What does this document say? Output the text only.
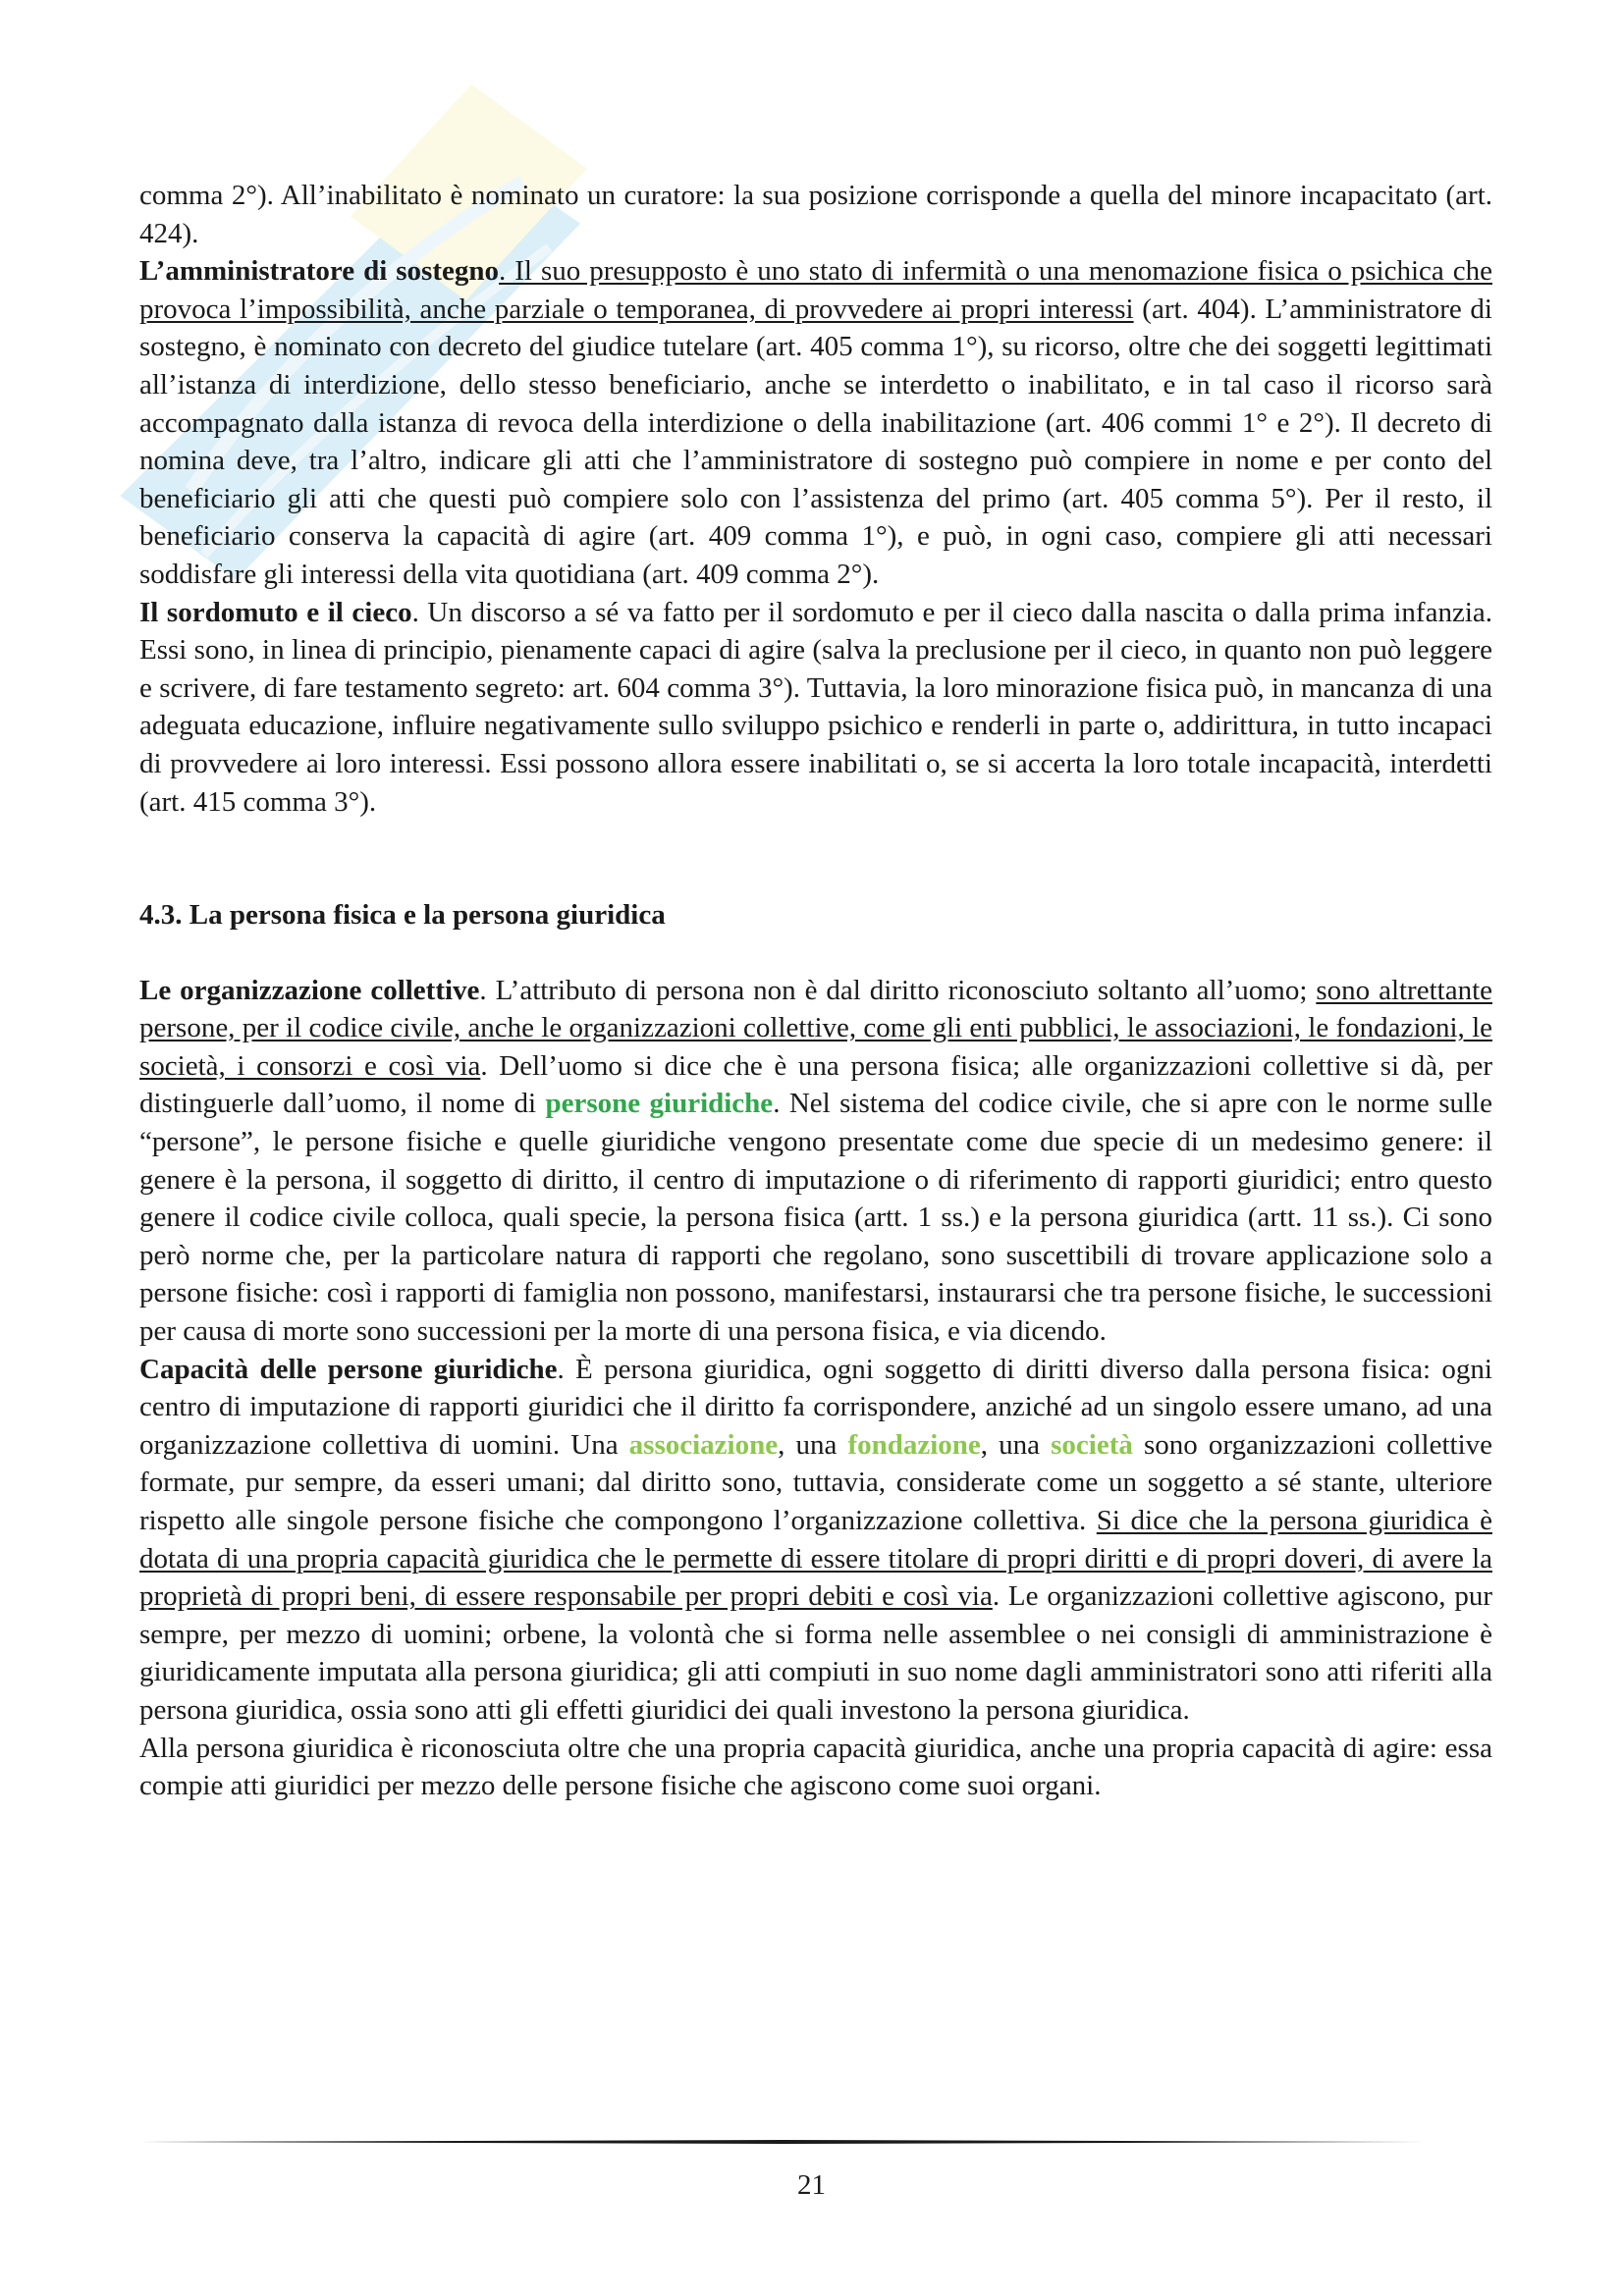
comma 2°). All’inabilitato è nominato un curatore: la sua posizione corrisponde a quella del minore incapacitato (art. 424).

L’amministratore di sostegno. Il suo presupposto è uno stato di infermità o una menomazione fisica o psichica che provoca l’impossibilità, anche parziale o temporanea, di provvedere ai propri interessi (art. 404). L’amministratore di sostegno, è nominato con decreto del giudice tutelare (art. 405 comma 1°), su ricorso, oltre che dei soggetti legittimati all’istanza di interdizione, dello stesso beneficiario, anche se interdetto o inabilitato, e in tal caso il ricorso sarà accompagnato dalla istanza di revoca della interdizione o della inabilitazione (art. 406 commi 1° e 2°). Il decreto di nomina deve, tra l’altro, indicare gli atti che l’amministratore di sostegno può compiere in nome e per conto del beneficiario gli atti che questi può compiere solo con l’assistenza del primo (art. 405 comma 5°). Per il resto, il beneficiario conserva la capacità di agire (art. 409 comma 1°), e può, in ogni caso, compiere gli atti necessari soddisfare gli interessi della vita quotidiana (art. 409 comma 2°).

Il sordomuto e il cieco. Un discorso a sé va fatto per il sordomuto e per il cieco dalla nascita o dalla prima infanzia. Essi sono, in linea di principio, pienamente capaci di agire (salva la preclusione per il cieco, in quanto non può leggere e scrivere, di fare testamento segreto: art. 604 comma 3°). Tuttavia, la loro minorazione fisica può, in mancanza di una adeguata educazione, influire negativamente sullo sviluppo psichico e renderli in parte o, addirittura, in tutto incapaci di provvedere ai loro interessi. Essi possono allora essere inabilitati o, se si accerta la loro totale incapacità, interdetti (art. 415 comma 3°).

4.3. La persona fisica e la persona giuridica

Le organizzazione collettive. L’attributo di persona non è dal diritto riconosciuto soltanto all’uomo; sono altrettante persone, per il codice civile, anche le organizzazioni collettive, come gli enti pubblici, le associazioni, le fondazioni, le società, i consorzi e così via. Dell’uomo si dice che è una persona fisica; alle organizzazioni collettive si dà, per distinguerle dall’uomo, il nome di persone giuridiche. Nel sistema del codice civile, che si apre con le norme sulle “persone”, le persone fisiche e quelle giuridiche vengono presentate come due specie di un medesimo genere: il genere è la persona, il soggetto di diritto, il centro di imputazione o di riferimento di rapporti giuridici; entro questo genere il codice civile colloca, quali specie, la persona fisica (artt. 1 ss.) e la persona giuridica (artt. 11 ss.). Ci sono però norme che, per la particolare natura di rapporti che regolano, sono suscettibili di trovare applicazione solo a persone fisiche: così i rapporti di famiglia non possono, manifestarsi, instaurarsi che tra persone fisiche, le successioni per causa di morte sono successioni per la morte di una persona fisica, e via dicendo.

Capacità delle persone giuridiche. È persona giuridica, ogni soggetto di diritti diverso dalla persona fisica: ogni centro di imputazione di rapporti giuridici che il diritto fa corrispondere, anziché ad un singolo essere umano, ad una organizzazione collettiva di uomini. Una associazione, una fondazione, una società sono organizzazioni collettive formate, pur sempre, da esseri umani; dal diritto sono, tuttavia, considerate come un soggetto a sé stante, ulteriore rispetto alle singole persone fisiche che compongono l’organizzazione collettiva. Si dice che la persona giuridica è dotata di una propria capacità giuridica che le permette di essere titolare di propri diritti e di propri doveri, di avere la proprietà di propri beni, di essere responsabile per propri debiti e così via. Le organizzazioni collettive agiscono, pur sempre, per mezzo di uomini; orbene, la volontà che si forma nelle assemblee o nei consigli di amministrazione è giuridicamente imputata alla persona giuridica; gli atti compiuti in suo nome dagli amministratori sono atti riferiti alla persona giuridica, ossia sono atti gli effetti giuridici dei quali investono la persona giuridica.

Alla persona giuridica è riconosciuta oltre che una propria capacità giuridica, anche una propria capacità di agire: essa compie atti giuridici per mezzo delle persone fisiche che agiscono come suoi organi.

21
